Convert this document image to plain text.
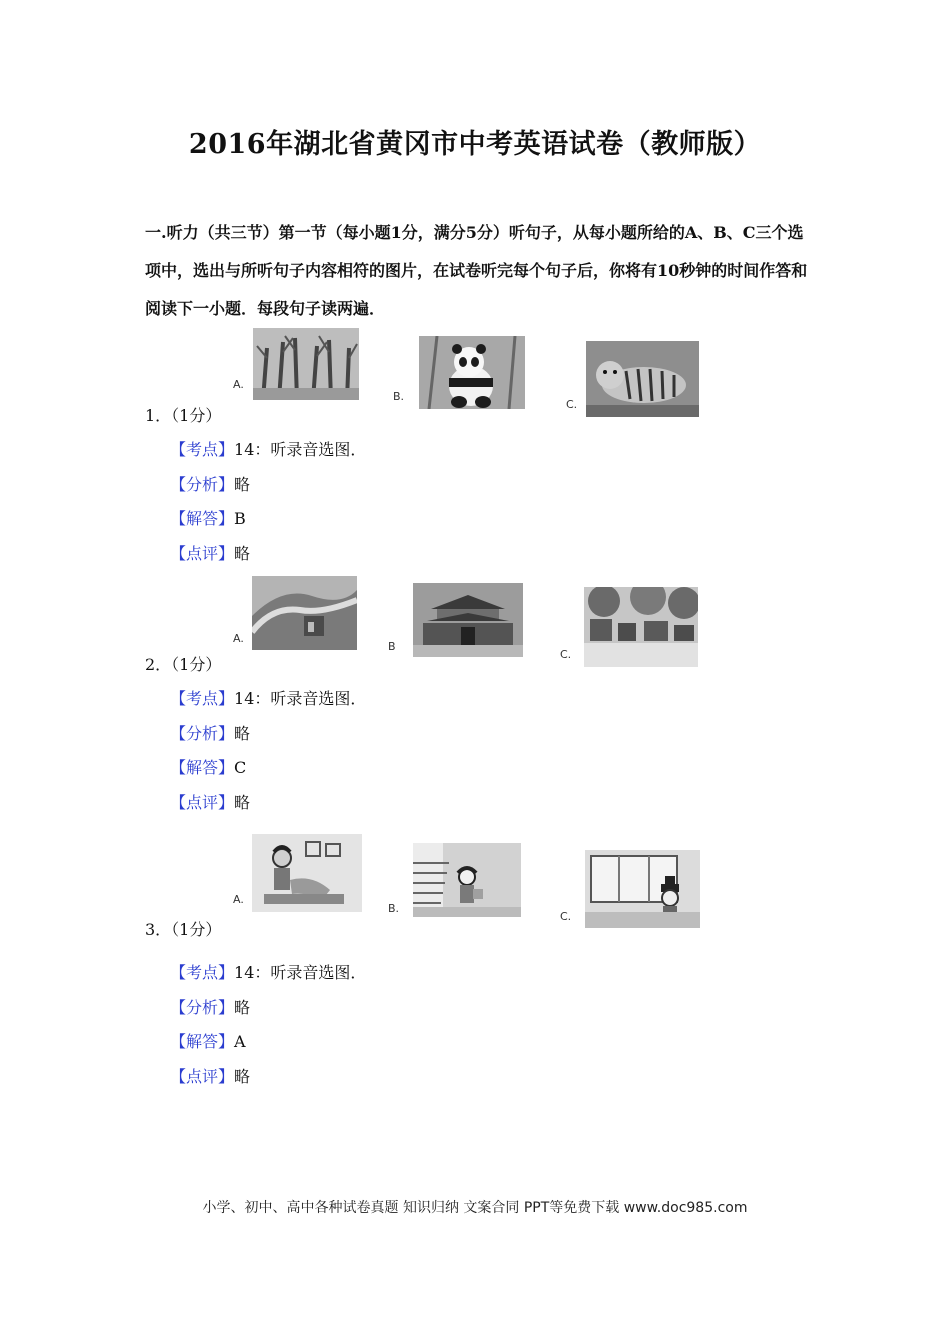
2016年湖北省黄冈市中考英语试卷（教师版）
一.听力（共三节）第一节（每小题1分，满分5分）听句子，从每小题所给的A、B、C三个选项中，选出与所听句子内容相符的图片，在试卷听完每个句子后，你将有10秒钟的时间作答和阅读下一小题．每段句子读两遍．
A.
B.
C.
1．（1分）
【考点】14：听录音选图．
【分析】略
【解答】B
【点评】略
A.
B
C.
2．（1分）
【考点】14：听录音选图．
【分析】略
【解答】C
【点评】略
A.
B.
C.
3．（1分）
【考点】14：听录音选图．
【分析】略
【解答】A
【点评】略
小学、初中、高中各种试卷真题 知识归纳 文案合同 PPT等免费下载 www.doc985.com
